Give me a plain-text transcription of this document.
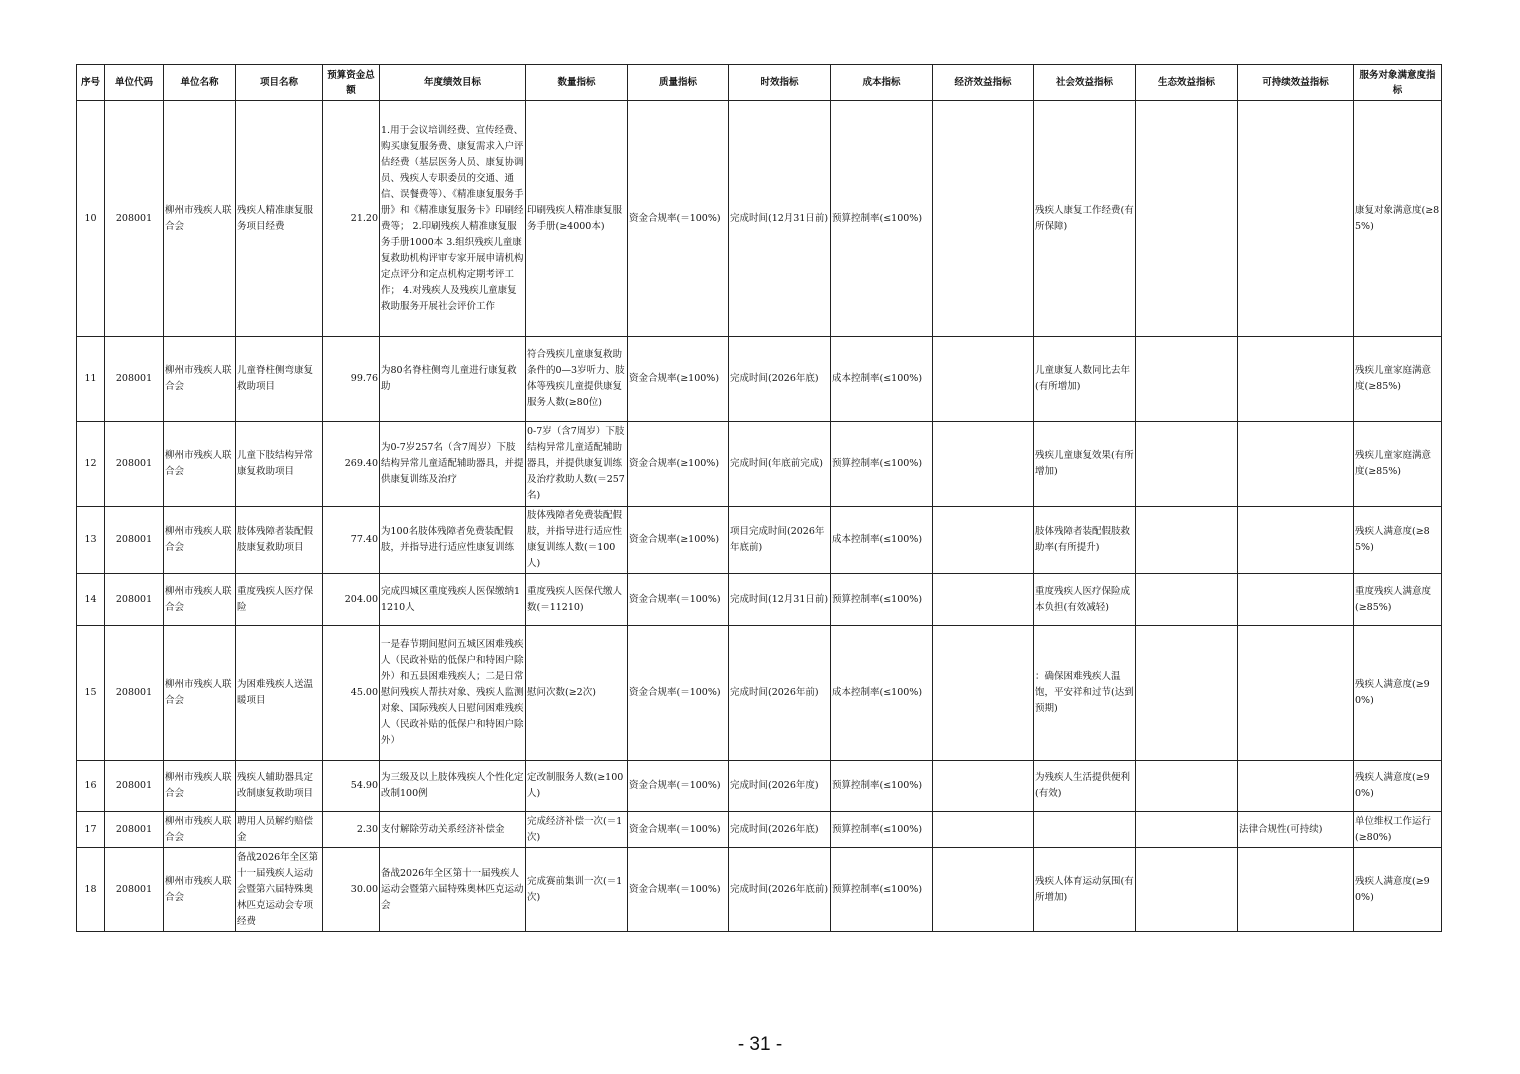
序号	单位代码	单位名称	项目名称	预算资金总额	年度绩效目标	数量指标	质量指标	时效指标	成本指标	经济效益指标	社会效益指标	生态效益指标	可持续效益指标	服务对象满意度指标
10	208001	柳州市残疾人联合会	残疾人精准康复服务项目经费	21.20	1.用于会议培训经费、宣传经费、购买康复服务费、康复需求入户评估经费（基层医务人员、康复协调员、残疾人专职委员的交通、通信、误餐费等）、《精准康复服务手册》和《精准康复服务卡》印刷经费等； 2.印刷残疾人精准康复服务手册1000本 3.组织残疾儿童康复救助机构评审专家开展申请机构定点评分和定点机构定期考评工作； 4.对残疾人及残疾儿童康复救助服务开展社会评价工作	印刷残疾人精准康复服务手册(≥4000本)	资金合规率(＝100%)	完成时间(12月31日前)	预算控制率(≤100%)		残疾人康复工作经费(有所保障)			康复对象满意度(≥85%)
11	208001	柳州市残疾人联合会	儿童脊柱侧弯康复救助项目	99.76	为80名脊柱侧弯儿童进行康复救助	符合残疾儿童康复救助条件的0—3岁听力、肢体等残疾儿童提供康复服务人数(≥80位)	资金合规率(≥100%)	完成时间(2026年底)	成本控制率(≤100%)		儿童康复人数同比去年(有所增加)			残疾儿童家庭满意度(≥85%)
12	208001	柳州市残疾人联合会	儿童下肢结构异常康复救助项目	269.40	为0-7岁257名（含7周岁）下肢结构异常儿童适配辅助器具，并提供康复训练及治疗	0-7岁（含7周岁）下肢结构异常儿童适配辅助器具，并提供康复训练及治疗救助人数(＝257名)	资金合规率(≥100%)	完成时间(年底前完成)	预算控制率(≤100%)		残疾儿童康复效果(有所增加)			残疾儿童家庭满意度(≥85%)
13	208001	柳州市残疾人联合会	肢体残障者装配假肢康复救助项目	77.40	为100名肢体残障者免费装配假肢，并指导进行适应性康复训练	肢体残障者免费装配假肢，并指导进行适应性康复训练人数(＝100人)	资金合规率(≥100%)	项目完成时间(2026年年底前)	成本控制率(≤100%)		肢体残障者装配假肢救助率(有所提升)			残疾人满意度(≥85%)
14	208001	柳州市残疾人联合会	重度残疾人医疗保险	204.00	完成四城区重度残疾人医保缴纳11210人	重度残疾人医保代缴人数(＝11210)	资金合规率(＝100%)	完成时间(12月31日前)	预算控制率(≤100%)		重度残疾人医疗保险成本负担(有效减轻)			重度残疾人满意度(≥85%)
15	208001	柳州市残疾人联合会	为困难残疾人送温暖项目	45.00	一是春节期间慰问五城区困难残疾人（民政补贴的低保户和特困户除外）和五县困难残疾人；二是日常慰问残疾人帮扶对象、残疾人监测对象、国际残疾人日慰问困难残疾人（民政补贴的低保户和特困户除外）	慰问次数(≥2次)	资金合规率(＝100%)	完成时间(2026年前)	成本控制率(≤100%)		：确保困难残疾人温饱，平安祥和过节(达到预期)			残疾人满意度(≥90%)
16	208001	柳州市残疾人联合会	残疾人辅助器具定改制康复救助项目	54.90	为三级及以上肢体残疾人个性化定改制100例	定改制服务人数(≥100人)	资金合规率(＝100%)	完成时间(2026年度)	预算控制率(≤100%)		为残疾人生活提供便利(有效)			残疾人满意度(≥90%)
17	208001	柳州市残疾人联合会	聘用人员解约赔偿金	2.30	支付解除劳动关系经济补偿金	完成经济补偿一次(＝1次)	资金合规率(＝100%)	完成时间(2026年底)	预算控制率(≤100%)				法律合规性(可持续)	单位维权工作运行(≥80%)
18	208001	柳州市残疾人联合会	备战2026年全区第十一届残疾人运动会暨第六届特殊奥林匹克运动会专项经费	30.00	备战2026年全区第十一届残疾人运动会暨第六届特殊奥林匹克运动会	完成赛前集训一次(＝1次)	资金合规率(＝100%)	完成时间(2026年底前)	预算控制率(≤100%)		残疾人体育运动氛围(有所增加)			残疾人满意度(≥90%)
- 31 -
